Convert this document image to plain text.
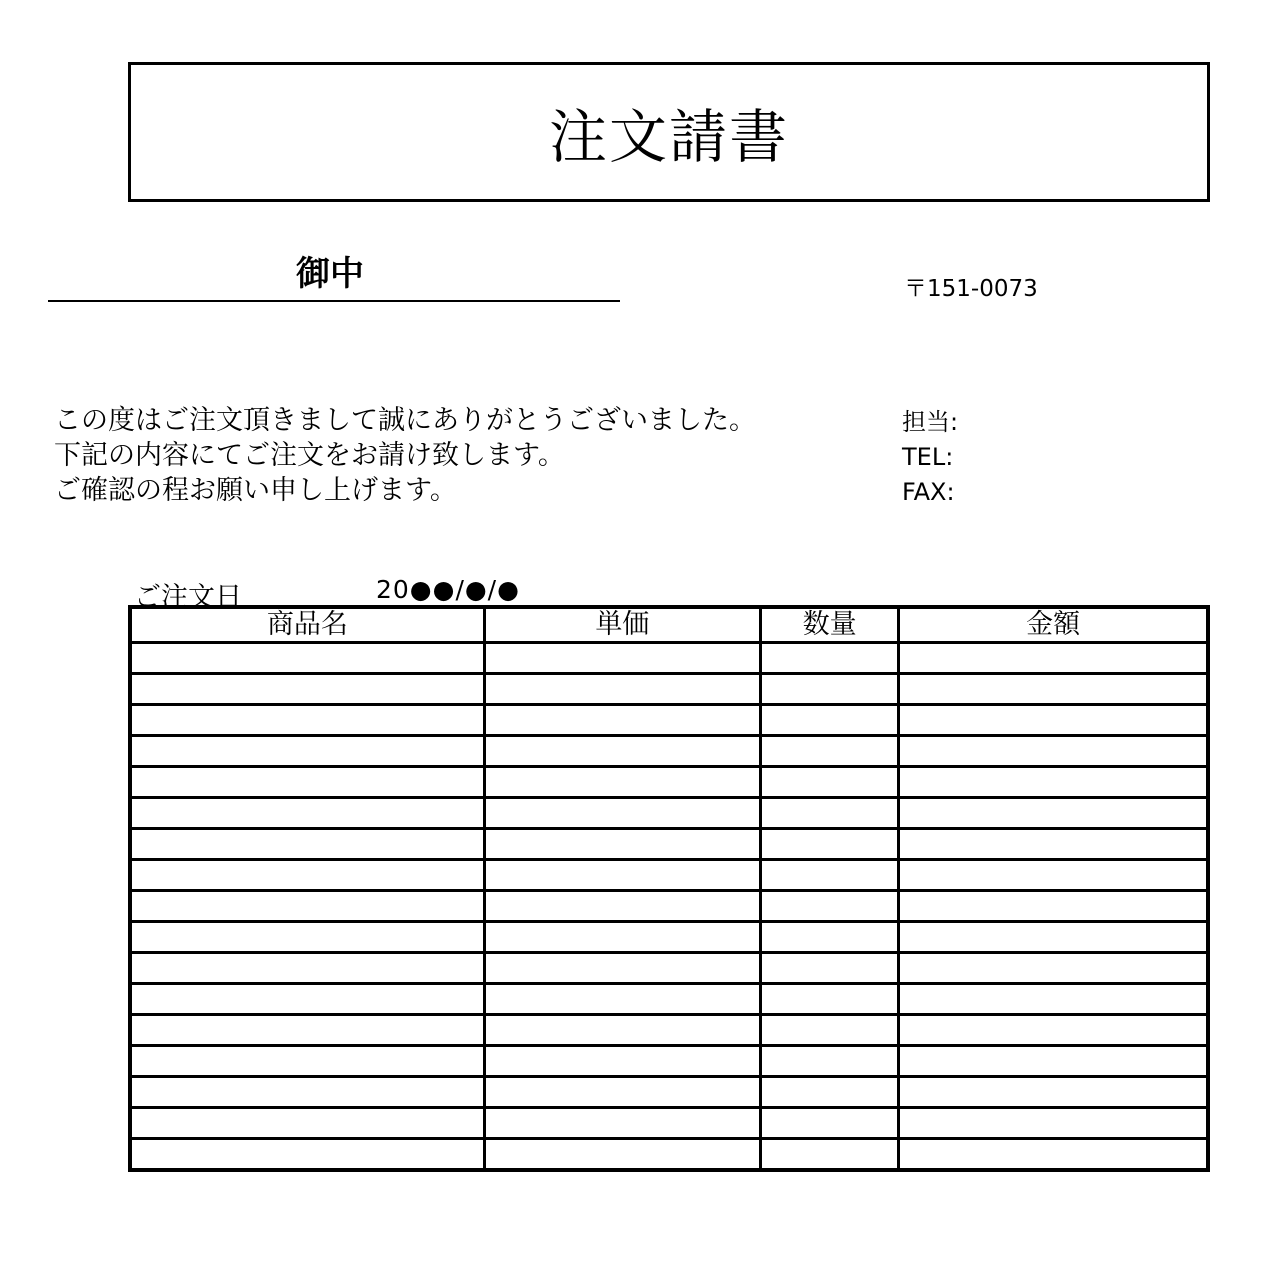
注文請書
御中	〒151-0073
この度はご注文頂きまして誠にありがとうございました。
下記の内容にてご注文をお請け致します。
ご確認の程お願い申し上げます。
担当:
TEL:
FAX:
ご注文日	20●●/●/●
商品名	単価	数量	金額
